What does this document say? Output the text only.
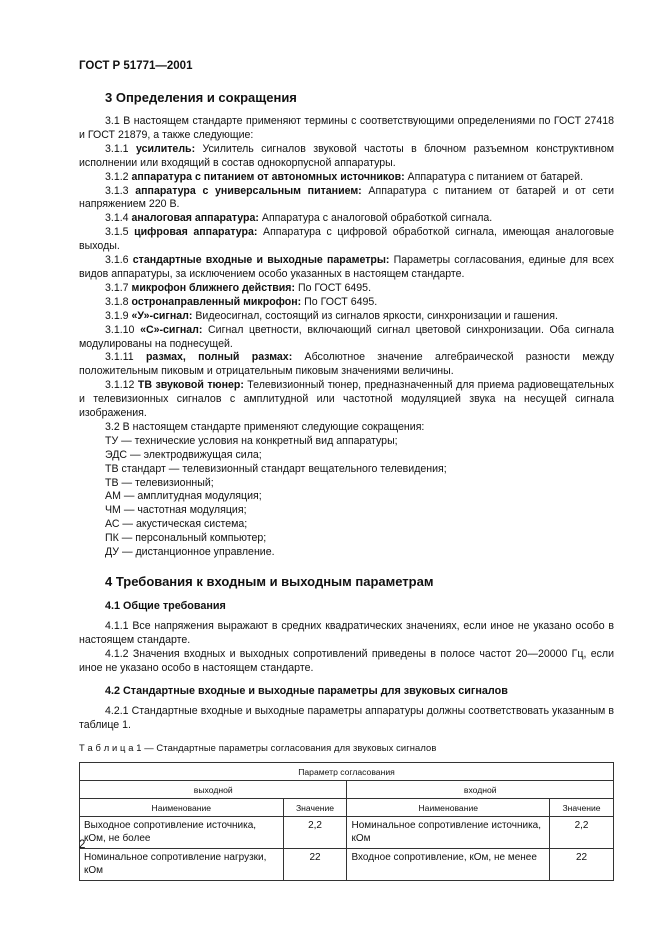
ГОСТ Р 51771—2001
3 Определения и сокращения

3.1 В настоящем стандарте применяют термины с соответствующими определениями по ГОСТ 27418 и ГОСТ 21879, а также следующие:

3.1.1 усилитель: Усилитель сигналов звуковой частоты в блочном разъемном конструктивном исполнении или входящий в состав однокорпусной аппаратуры.

3.1.2 аппаратура с питанием от автономных источников: Аппаратура с питанием от батарей.

3.1.3 аппаратура с универсальным питанием: Аппаратура с питанием от батарей и от сети напряжением 220 В.

3.1.4 аналоговая аппаратура: Аппаратура с аналоговой обработкой сигнала.

3.1.5 цифровая аппаратура: Аппаратура с цифровой обработкой сигнала, имеющая аналоговые выходы.

3.1.6 стандартные входные и выходные параметры: Параметры согласования, единые для всех видов аппаратуры, за исключением особо указанных в настоящем стандарте.

3.1.7 микрофон ближнего действия: По ГОСТ 6495.

3.1.8 остронаправленный микрофон: По ГОСТ 6495.

3.1.9 «У»-сигнал: Видеосигнал, состоящий из сигналов яркости, синхронизации и гашения.

3.1.10 «С»-сигнал: Сигнал цветности, включающий сигнал цветовой синхронизации. Оба сигнала модулированы на поднесущей.

3.1.11 размах, полный размах: Абсолютное значение алгебраической разности между положительным пиковым и отрицательным пиковым значениями величины.

3.1.12 ТВ звуковой тюнер: Телевизионный тюнер, предназначенный для приема радиовещательных и телевизионных сигналов с амплитудной или частотной модуляцией звука на несущей сигнала изображения.

3.2 В настоящем стандарте применяют следующие сокращения:

ТУ — технические условия на конкретный вид аппаратуры;

ЭДС — электродвижущая сила;

ТВ стандарт — телевизионный стандарт вещательного телевидения;

ТВ — телевизионный;

АМ — амплитудная модуляция;

ЧМ — частотная модуляция;

АС — акустическая система;

ПК — персональный компьютер;

ДУ — дистанционное управление.

4 Требования к входным и выходным параметрам
4.1 Общие требования

4.1.1 Все напряжения выражают в средних квадратических значениях, если иное не указано особо в настоящем стандарте.

4.1.2 Значения входных и выходных сопротивлений приведены в полосе частот 20—20000 Гц, если иное не указано особо в настоящем стандарте.

4.2 Стандартные входные и выходные параметры для звуковых сигналов

4.2.1 Стандартные входные и выходные параметры аппаратуры должны соответствовать указанным в таблице 1.

Т а б л и ц а 1 — Стандартные параметры согласования для звуковых сигналов
Параметр согласования			
выходной		входной	
Наименование	Значение	Наименование	Значение
Выходное сопротивление источника, кОм, не более	2,2	Номинальное сопротивление источника, кОм	2,2
Номинальное сопротивление нагрузки, кОм	22	Входное сопротивление, кОм, не менее	22
2
